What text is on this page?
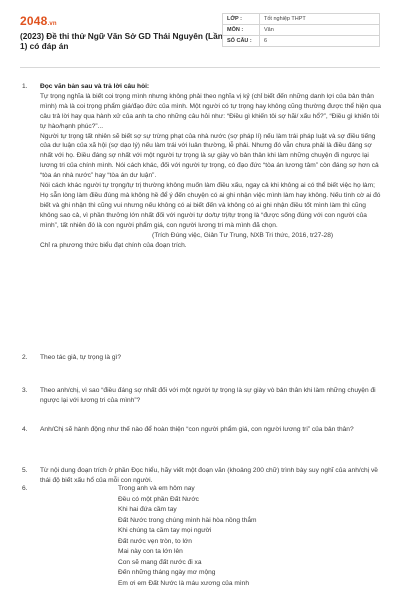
2048.vn
(2023) Đề thi thử Ngữ Văn Sở GD Thái Nguyên (Lần 1) có đáp án
LỚP :	Tốt nghiệp THPT
MÔN :	Văn
SỐ CÂU :	6
1. Đọc văn bản sau và trả lời câu hỏi:

Tự trọng nghĩa là biết coi trọng mình nhưng không phải theo nghĩa vị kỷ (chỉ biết đến những danh lợi của bản thân mình) mà là coi trọng phẩm giá/đạo đức của mình. Một người có tự trọng hay không cũng thường được thể hiện qua câu trả lời hay qua hành xử của anh ta cho những câu hỏi như: “Điều gì khiến tôi sợ hãi/ xấu hổ?”, “Điều gì khiến tôi tự hào/hạnh phúc?”...

Người tự trọng tất nhiên sẽ biết sợ sự trừng phạt của nhà nước (sợ pháp lí) nếu làm trái pháp luật và sợ điều tiếng của dư luận của xã hội (sợ dạo lý) nếu làm trái với luân thường, lễ phải. Nhưng đó vẫn chưa phải là điều đáng sợ nhất với họ. Điều đáng sợ nhất với một người tự trọng là sự giày vò bản thân khi làm những chuyện đi ngược lại lương tri của chính mình. Nói cách khác, đối với người tự trọng, có đạo đức “tòa án lương tâm” còn đáng sợ hơn cả “tòa án nhà nước” hay “tòa án dư luận”.

Nói cách khác người tự trọng/tự trị thường không muốn làm điều xấu, ngay cả khi không ai có thể biết việc họ làm; Họ sẵn lòng làm điều đúng mà không hề để ý đến chuyện có ai ghi nhận việc mình làm hay không. Nếu tình cờ ai đó biết và ghi nhận thì cũng vui nhưng nếu không có ai biết đến và không có ai ghi nhận điều tốt mình làm thì cũng không sao cả, vì phần thưởng lớn nhất đối với người tự do/tự trị/tự trọng là “được sống đúng với con người của mình”, tất nhiên đó là con người phẩm giá, con người lương tri mà mình đã chọn.

(Trích Đúng việc, Giản Tư Trung, NXB Tri thức, 2016, tr27-28)

Chỉ ra phương thức biểu đạt chính của đoạn trích.

2. Theo tác giả, tự trọng là gì?
3. Theo anh/chị, vì sao “điều đáng sợ nhất đối với một người tự trọng là sự giày vò bản thân khi làm những chuyện đi ngược lại với lương tri của mình”?
4. Anh/Chị sẽ hành động như thế nào để hoàn thiện “con người phẩm giá, con người lương tri” của bản thân?
5. Từ nội dung đoạn trích ở phần Đọc hiểu, hãy viết một đoạn văn (khoảng 200 chữ) trình bày suy nghĩ của anh/chị về thái độ biết xấu hổ của mỗi con người.
6.	Trong anh và em hôm nay
Đều có một phần Đất Nước
Khi hai đứa cầm tay
Đất Nước trong chúng mình hài hòa nồng thắm
Khi chúng ta cầm tay mọi người
Đất nước vẹn tròn, to lớn
Mai này con ta lớn lên
Con sẽ mang đất nước đi xa
Đến những tháng ngày mơ mộng
Em ơi em Đất Nước là máu xương của mình
